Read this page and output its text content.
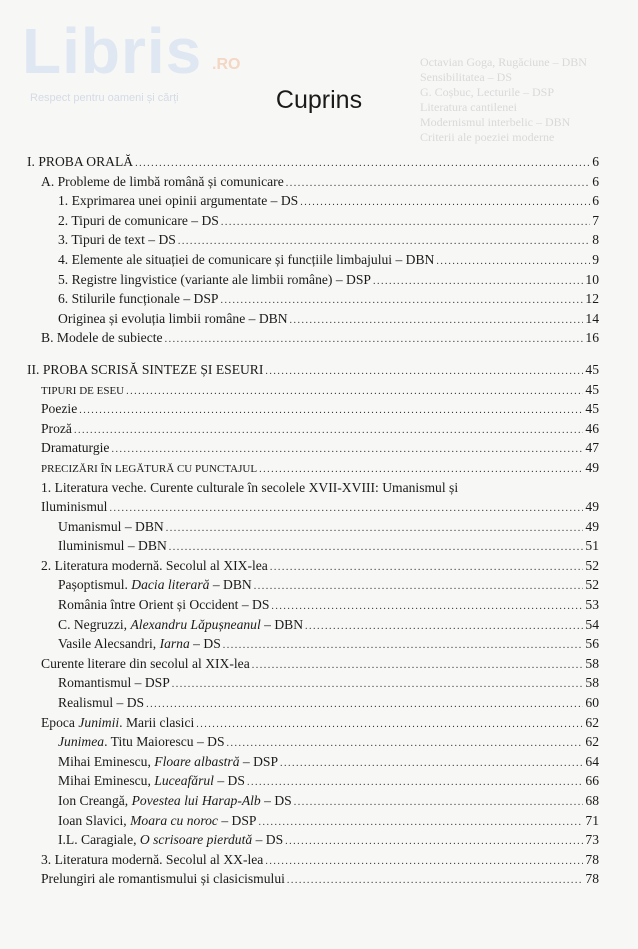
Libris .RO
Respect pentru oameni și cărți
Octavian Goga, Rugăciune – DBN
Sensibilitatea – DS
G. Coșbuc, Lecturile – DSP
Literatura cantilenei
Modernismul interbelic – DBN
Criterii ale poeziei moderne
Cuprins
I. PROBA ORALĂ .....	6
A. Probleme de limbă română și comunicare .....	6
1. Exprimarea unei opinii argumentate – DS .....	6
2. Tipuri de comunicare – DS .....	7
3. Tipuri de text – DS .....	8
4. Elemente ale situației de comunicare și funcțiile limbajului – DBN .....	9
5. Registre lingvistice (variante ale limbii române) – DSP .....	10
6. Stilurile funcționale – DSP .....	12
Originea și evoluția limbii române – DBN .....	14
B. Modele de subiecte .....	16
II. PROBA SCRISĂ SINTEZE ȘI ESEURI .....	45
TIPURI DE ESEU .....	45
Poezie .....	45
Proză .....	46
Dramaturgie .....	47
PRECIZĂRI ÎN LEGĂTURĂ CU PUNCTAJUL .....	49
1. Literatura veche. Curente culturale în secolele XVII-XVIII: Umanismul și
Iluminismul .....	49
Umanismul – DBN .....	49
Iluminismul – DBN .....	51
2. Literatura modernă. Secolul al XIX-lea .....	52
Pașoptismul. Dacia literară – DBN .....	52
România între Orient și Occident – DS .....	53
C. Negruzzi, Alexandru Lăpușneanul – DBN .....	54
Vasile Alecsandri, Iarna – DS .....	56
Curente literare din secolul al XIX-lea .....	58
Romantismul – DSP .....	58
Realismul – DS .....	60
Epoca Junimii. Marii clasici .....	62
Junimea. Titu Maiorescu – DS .....	62
Mihai Eminescu, Floare albastră – DSP .....	64
Mihai Eminescu, Luceafărul – DS .....	66
Ion Creangă, Povestea lui Harap-Alb – DS .....	68
Ioan Slavici, Moara cu noroc – DSP .....	71
I.L. Caragiale, O scrisoare pierdută – DS .....	73
3. Literatura modernă. Secolul al XX-lea .....	78
Prelungiri ale romantismului și clasicismului .....	78
